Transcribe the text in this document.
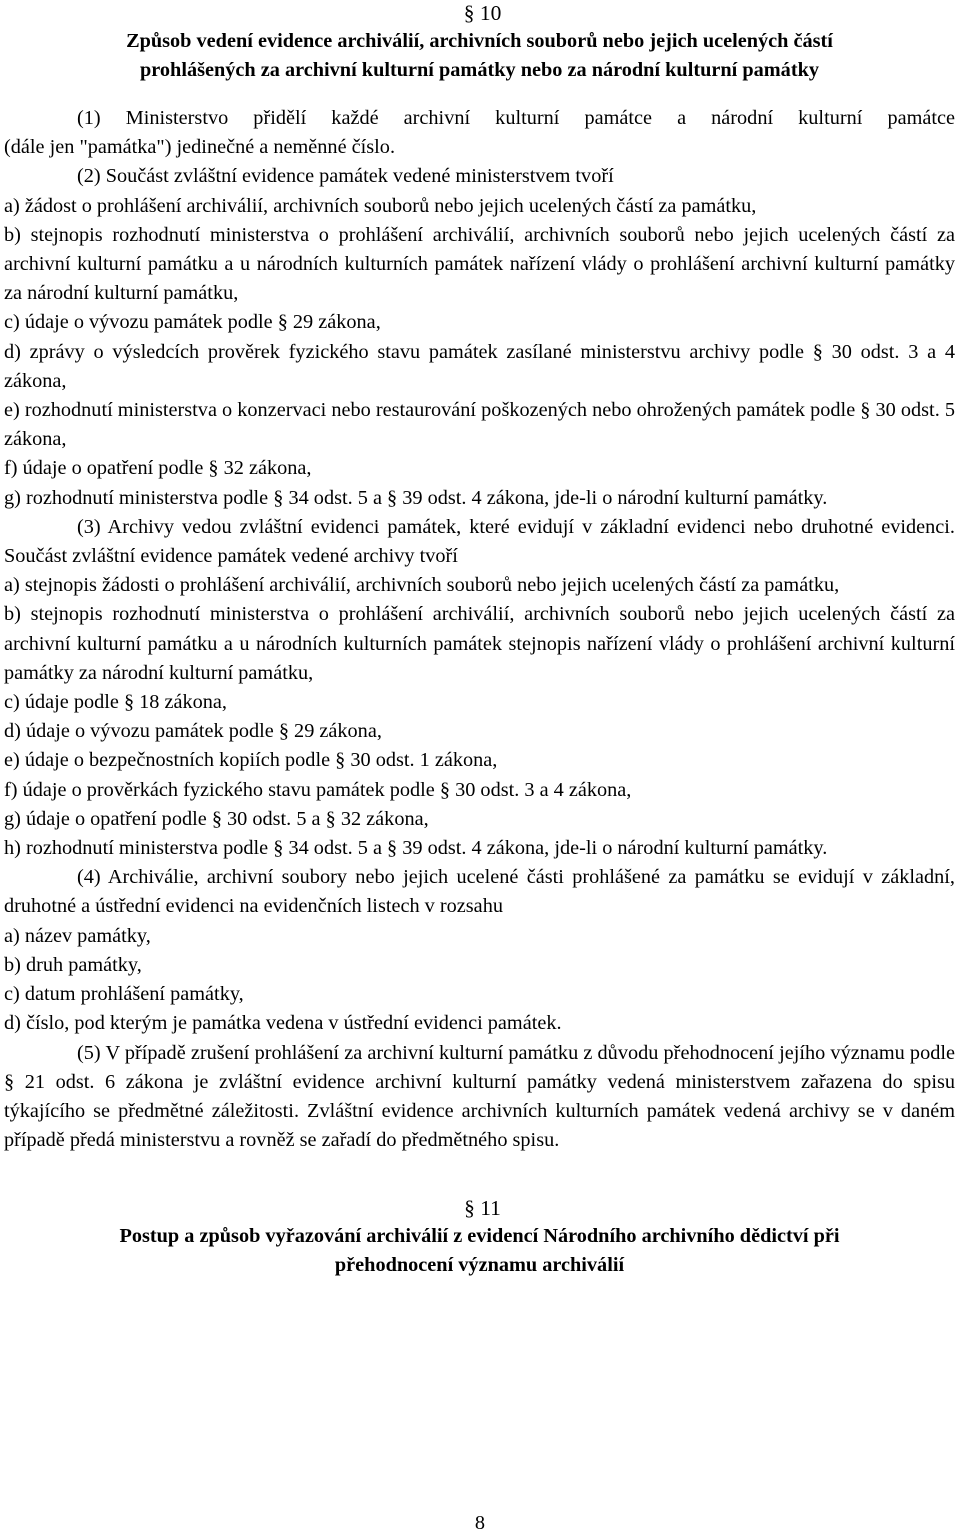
§ 10
Způsob vedení evidence archiválií, archivních souborů nebo jejich ucelených částí
prohlášených za archivní kulturní památky nebo za národní kulturní památky

(1) Ministerstvo přidělí každé archivní kulturní památce a národní kulturní památce

(dále jen "památka") jedinečné a neměnné číslo.

(2) Součást zvláštní evidence památek vedené ministerstvem tvoří

a) žádost o prohlášení archiválií, archivních souborů nebo jejich ucelených částí za památku,

b) stejnopis rozhodnutí ministerstva o prohlášení archiválií, archivních souborů nebo jejich ucelených částí za archivní kulturní památku a u národních kulturních památek nařízení vlády o prohlášení archivní kulturní památky za národní kulturní památku,

c) údaje o vývozu památek podle § 29 zákona,

d) zprávy o výsledcích prověrek fyzického stavu památek zasílané ministerstvu archivy podle § 30 odst. 3 a 4 zákona,

e) rozhodnutí ministerstva o konzervaci nebo restaurování poškozených nebo ohrožených památek podle § 30 odst. 5 zákona,

f) údaje o opatření podle § 32 zákona,

g) rozhodnutí ministerstva podle § 34 odst. 5 a § 39 odst. 4 zákona, jde-li o národní kulturní památky.

(3) Archivy vedou zvláštní evidenci památek, které evidují v základní evidenci nebo druhotné evidenci. Součást zvláštní evidence památek vedené archivy tvoří

a) stejnopis žádosti o prohlášení archiválií, archivních souborů nebo jejich ucelených částí za památku,

b) stejnopis rozhodnutí ministerstva o prohlášení archiválií, archivních souborů nebo jejich ucelených částí za archivní kulturní památku a u národních kulturních památek stejnopis nařízení vlády o prohlášení archivní kulturní památky za národní kulturní památku,

c) údaje podle § 18 zákona,

d) údaje o vývozu památek podle § 29 zákona,

e) údaje o bezpečnostních kopiích podle § 30 odst. 1 zákona,

f) údaje o prověrkách fyzického stavu památek podle § 30 odst. 3 a 4 zákona,

g) údaje o opatření podle § 30 odst. 5 a § 32 zákona,

h) rozhodnutí ministerstva podle § 34 odst. 5 a § 39 odst. 4 zákona, jde-li o národní kulturní památky.

(4) Archiválie, archivní soubory nebo jejich ucelené části prohlášené za památku se evidují v základní, druhotné a ústřední evidenci na evidenčních listech v rozsahu

a) název památky,

b) druh památky,

c) datum prohlášení památky,

d) číslo, pod kterým je památka vedena v ústřední evidenci památek.

(5) V případě zrušení prohlášení za archivní kulturní památku z důvodu přehodnocení jejího významu podle § 21 odst. 6 zákona je zvláštní evidence archivní kulturní památky vedená ministerstvem zařazena do spisu týkajícího se předmětné záležitosti. Zvláštní evidence archivních kulturních památek vedená archivy se v daném případě předá ministerstvu a rovněž se zařadí do předmětného spisu.

§ 11
Postup a způsob vyřazování archiválií z evidencí Národního archivního dědictví při
přehodnocení významu archiválií
8
